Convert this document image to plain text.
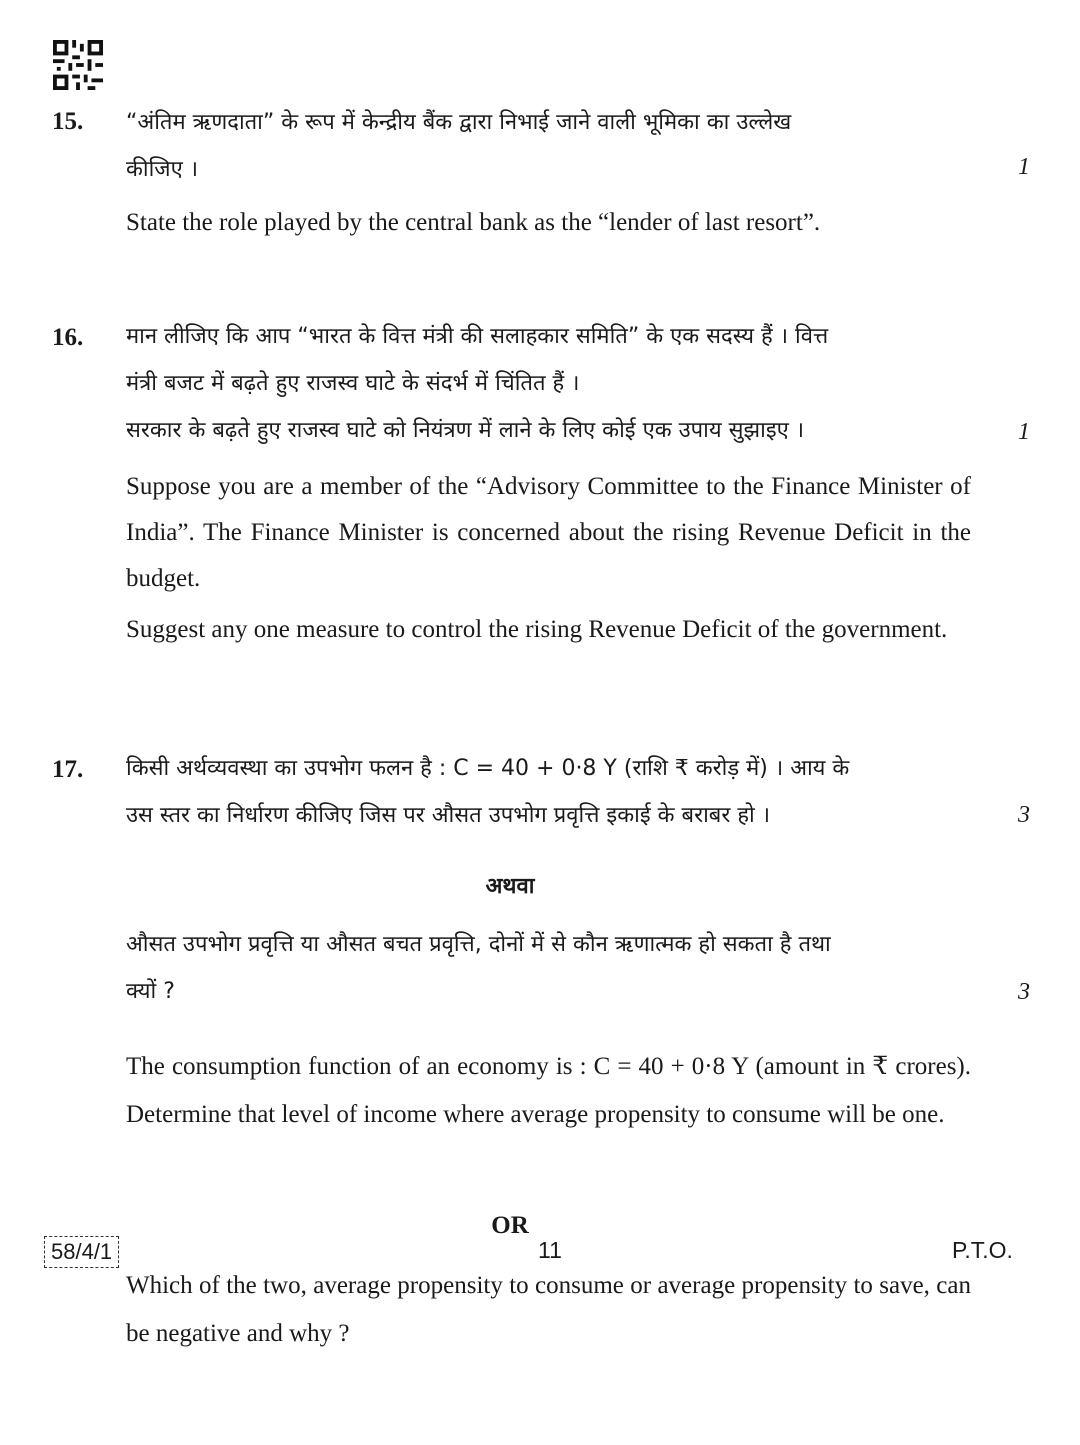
15. “अंतिम ऋणदाता” के रूप में केन्द्रीय बैंक द्वारा निभाई जाने वाली भूमिका का उल्लेख
कीजिए ।	1
State the role played by the central bank as the “lender of last resort”.
16. मान लीजिए कि आप “भारत के वित्त मंत्री की सलाहकार समिति” के एक सदस्य हैं । वित्त
मंत्री बजट में बढ़ते हुए राजस्व घाटे के संदर्भ में चिंतित हैं ।
सरकार के बढ़ते हुए राजस्व घाटे को नियंत्रण में लाने के लिए कोई एक उपाय सुझाइए ।	1
Suppose you are a member of the “Advisory Committee to the Finance Minister of India”. The Finance Minister is concerned about the rising Revenue Deficit in the budget.
Suggest any one measure to control the rising Revenue Deficit of the government.
17. किसी अर्थव्यवस्था का उपभोग फलन है : C = 40 + 0·8 Y (राशि ₹ करोड़ में) । आय के
उस स्तर का निर्धारण कीजिए जिस पर औसत उपभोग प्रवृत्ति इकाई के बराबर हो ।	3
अथवा
औसत उपभोग प्रवृत्ति या औसत बचत प्रवृत्ति, दोनों में से कौन ऋणात्मक हो सकता है तथा
क्यों ?	3
The consumption function of an economy is : C = 40 + 0·8 Y (amount in ₹ crores). Determine that level of income where average propensity to consume will be one.
OR
Which of the two, average propensity to consume or average propensity to save, can be negative and why ?
58/4/1	11	P.T.O.
